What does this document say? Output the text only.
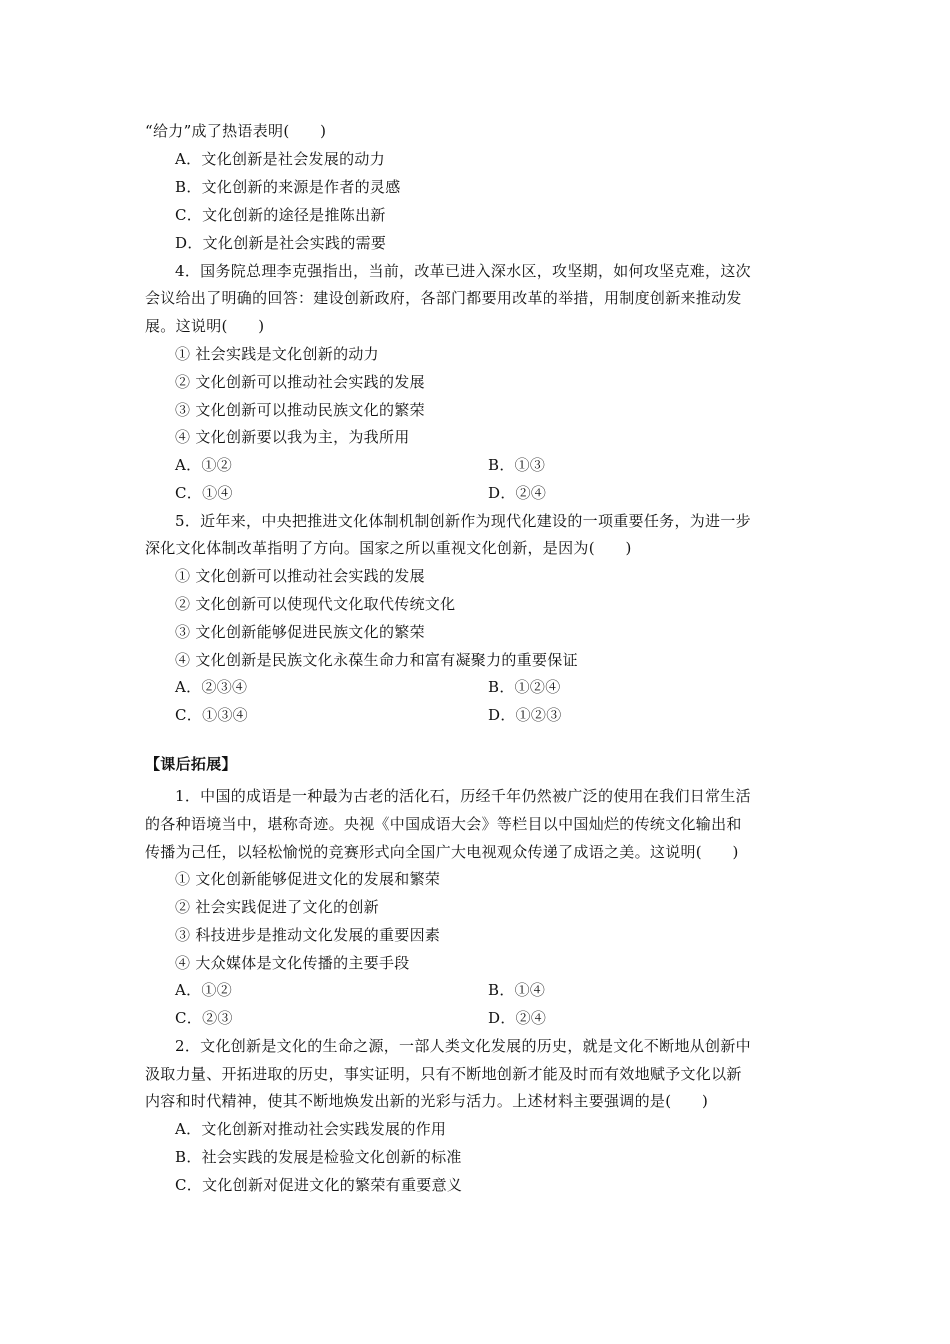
“给力”成了热语表明(　　)
A．文化创新是社会发展的动力
B．文化创新的来源是作者的灵感
C．文化创新的途径是推陈出新
D．文化创新是社会实践的需要
4．国务院总理李克强指出，当前，改革已进入深水区，攻坚期，如何攻坚克难，这次
会议给出了明确的回答：建设创新政府，各部门都要用改革的举措，用制度创新来推动发
展。这说明(　　)
① 社会实践是文化创新的动力
② 文化创新可以推动社会实践的发展
③ 文化创新可以推动民族文化的繁荣
④ 文化创新要以我为主，为我所用
A．①②	B．①③
C．①④	D．②④
5．近年来，中央把推进文化体制机制创新作为现代化建设的一项重要任务，为进一步
深化文化体制改革指明了方向。国家之所以重视文化创新，是因为(　　)
① 文化创新可以推动社会实践的发展
② 文化创新可以使现代文化取代传统文化
③ 文化创新能够促进民族文化的繁荣
④ 文化创新是民族文化永葆生命力和富有凝聚力的重要保证
A．②③④	B．①②④
C．①③④	D．①②③
【课后拓展】
1．中国的成语是一种最为古老的活化石，历经千年仍然被广泛的使用在我们日常生活
的各种语境当中，堪称奇迹。央视《中国成语大会》等栏目以中国灿烂的传统文化输出和
传播为己任，以轻松愉悦的竞赛形式向全国广大电视观众传递了成语之美。这说明(　　)
① 文化创新能够促进文化的发展和繁荣
② 社会实践促进了文化的创新
③ 科技进步是推动文化发展的重要因素
④ 大众媒体是文化传播的主要手段
A．①②	B．①④
C．②③	D．②④
2．文化创新是文化的生命之源，一部人类文化发展的历史，就是文化不断地从创新中
汲取力量、开拓进取的历史，事实证明，只有不断地创新才能及时而有效地赋予文化以新
内容和时代精神，使其不断地焕发出新的光彩与活力。上述材料主要强调的是(　　)
A．文化创新对推动社会实践发展的作用
B．社会实践的发展是检验文化创新的标准
C．文化创新对促进文化的繁荣有重要意义
